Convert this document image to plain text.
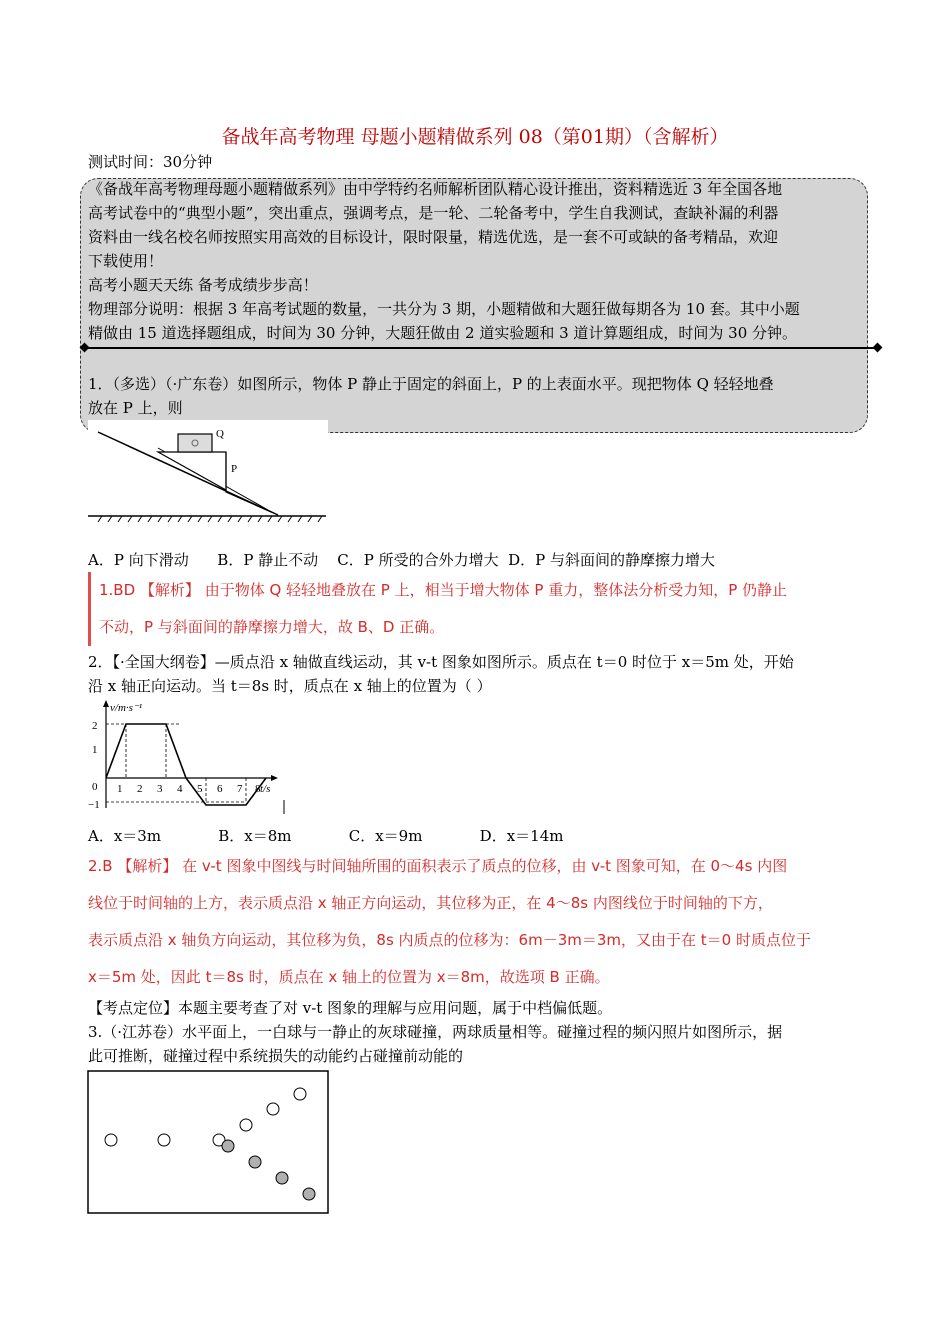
备战年高考物理 母题小题精做系列 08（第01期）（含解析）
测试时间：30分钟
《备战年高考物理母题小题精做系列》由中学特约名师解析团队精心设计推出，资料精选近 3 年全国各地
高考试卷中的“典型小题”，突出重点，强调考点，是一轮、二轮备考中，学生自我测试，查缺补漏的利器
资料由一线名校名师按照实用高效的目标设计，限时限量，精选优选，是一套不可或缺的备考精品，欢迎
下载使用！
高考小题天天练 备考成绩步步高！
物理部分说明：根据 3 年高考试题的数量，一共分为 3 期，小题精做和大题狂做每期各为 10 套。其中小题
精做由 15 道选择题组成，时间为 30 分钟，大题狂做由 2 道实验题和 3 道计算题组成，时间为 30 分钟。
1．（多选）（·广东卷）如图所示，物体 P 静止于固定的斜面上，P 的上表面水平。现把物体 Q 轻轻地叠
放在 P 上，则
Q
P
A．P 向下滑动      B．P 静止不动    C．P 所受的合外力增大  D．P 与斜面间的静摩擦力增大
1.BD 【解析】 由于物体 Q 轻轻地叠放在 P 上，相当于增大物体 P 重力，整体法分析受力知，P 仍静止
不动，P 与斜面间的静摩擦力增大，故 B、D 正确。
2．【·全国大纲卷】—质点沿 x 轴做直线运动，其 v-t 图象如图所示。质点在 t＝0 时位于 x＝5m 处，开始
沿 x 轴正向运动。当 t＝8s 时，质点在 x 轴上的位置为（ ）
v/m·s⁻¹
t/s
2
1
0
−1
1 2 3 4 5 6 7 8
A．x＝3m            B．x＝8m            C．x＝9m            D．x＝14m
2.B 【解析】 在 v-t 图象中图线与时间轴所围的面积表示了质点的位移，由 v-t 图象可知，在 0～4s 内图
线位于时间轴的上方，表示质点沿 x 轴正方向运动，其位移为正，在 4～8s 内图线位于时间轴的下方，
表示质点沿 x 轴负方向运动，其位移为负，8s 内质点的位移为：6m－3m＝3m，又由于在 t＝0 时质点位于
x＝5m 处，因此 t＝8s 时，质点在 x 轴上的位置为 x＝8m，故选项 B 正确。
【考点定位】本题主要考查了对 v-t 图象的理解与应用问题，属于中档偏低题。
3.（·江苏卷）水平面上，一白球与一静止的灰球碰撞，两球质量相等。碰撞过程的频闪照片如图所示，据
此可推断，碰撞过程中系统损失的动能约占碰撞前动能的
